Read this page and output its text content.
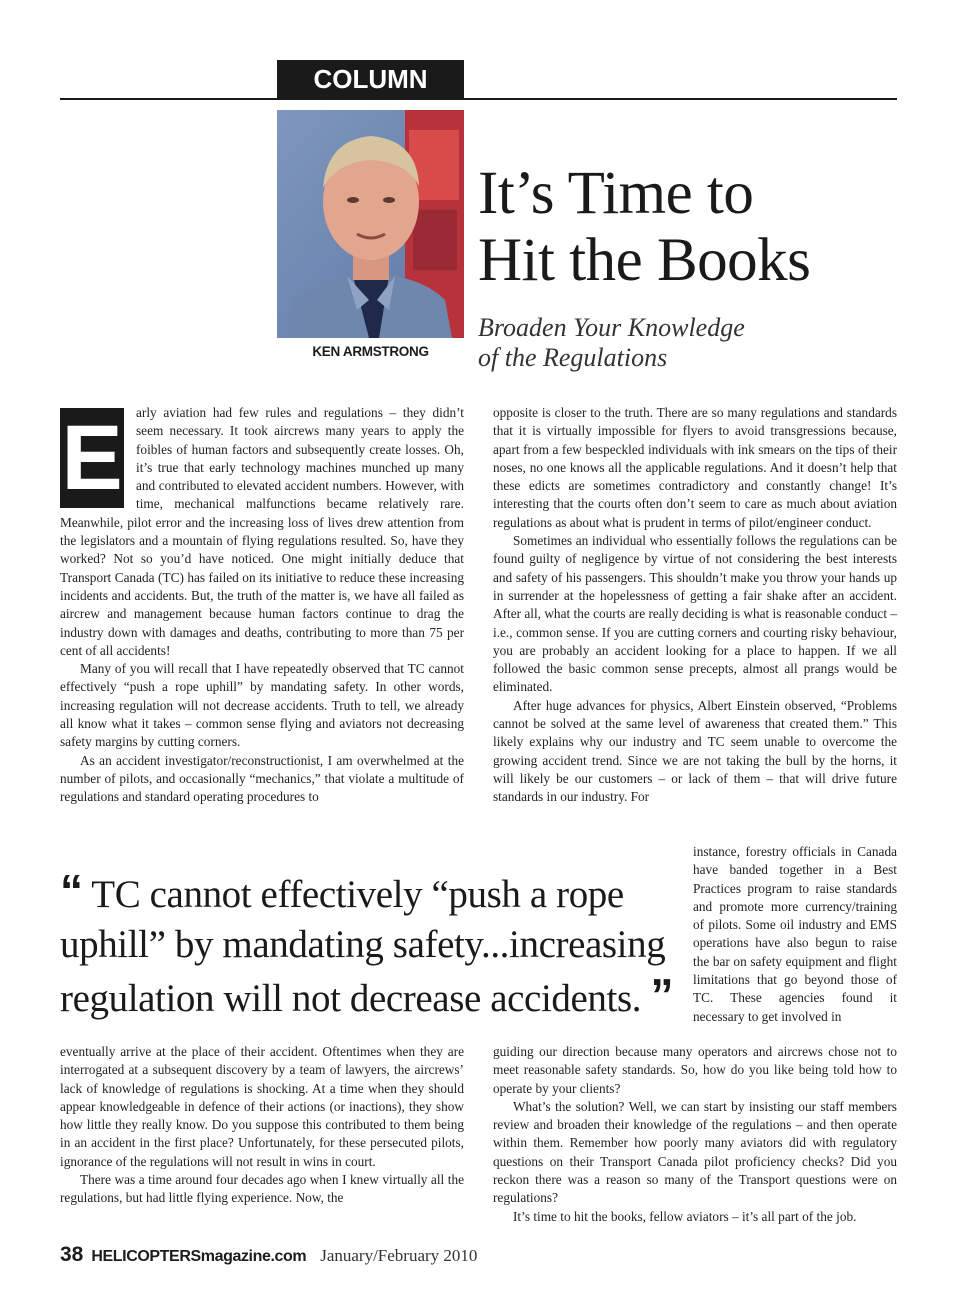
COLUMN
KEN ARMSTRONG
It’s Time to
Hit the Books
Broaden Your Knowledge
of the Regulations
E	arly aviation had few rules and regulations – they didn’t seem necessary. It took aircrews many years to apply the foibles of human factors and subsequently create losses. Oh, it’s true that early technology machines munched up many and contributed to elevated accident numbers. However, with time, mechanical malfunctions became relatively rare. Meanwhile, pilot error and the increasing loss of lives drew attention from the legislators and a mountain of flying regulations resulted. So, have they worked? Not so you’d have noticed. One might initially deduce that Transport Canada (TC) has failed on its initiative to reduce these increasing incidents and accidents. But, the truth of the matter is, we have all failed as aircrew and management because human factors continue to drag the industry down with damages and deaths, contributing to more than 75 per cent of all accidents!

Many of you will recall that I have repeatedly observed that TC cannot effectively “push a rope uphill” by mandating safety. In other words, increasing regulation will not decrease accidents. Truth to tell, we already all know what it takes – common sense flying and aviators not decreasing safety margins by cutting corners.

As an accident investigator/reconstructionist, I am overwhelmed at the number of pilots, and occasionally “mechanics,” that violate a multitude of regulations and standard operating procedures to

opposite is closer to the truth. There are so many regulations and standards that it is virtually impossible for flyers to avoid transgressions because, apart from a few bespeckled individuals with ink smears on the tips of their noses, no one knows all the applicable regulations. And it doesn’t help that these edicts are sometimes contradictory and constantly change! It’s interesting that the courts often don’t seem to care as much about aviation regulations as about what is prudent in terms of pilot/engineer conduct.

Sometimes an individual who essentially follows the regulations can be found guilty of negligence by virtue of not considering the best interests and safety of his passengers. This shouldn’t make you throw your hands up in surrender at the hopelessness of getting a fair shake after an accident. After all, what the courts are really deciding is what is reasonable conduct – i.e., common sense. If you are cutting corners and courting risky behaviour, you are probably an accident looking for a place to happen. If we all followed the basic common sense precepts, almost all prangs would be eliminated.

After huge advances for physics, Albert Einstein observed, “Problems cannot be solved at the same level of awareness that created them.” This likely explains why our industry and TC seem unable to overcome the growing accident trend. Since we are not taking the bull by the horns, it will likely be our customers – or lack of them – that will drive future standards in our industry. For

instance, forestry officials in Canada have banded together in a Best Practices program to raise standards and promote more currency/training of pilots. Some oil industry and EMS operations have also begun to raise the bar on safety equipment and flight limitations that go beyond those of TC. These agencies found it necessary to get involved in

“ TC cannot effectively “push a rope uphill” by mandating safety...increasing regulation will not decrease accidents. ”

eventually arrive at the place of their accident. Oftentimes when they are interrogated at a subsequent discovery by a team of lawyers, the aircrews’ lack of knowledge of regulations is shocking. At a time when they should appear knowledgeable in defence of their actions (or inactions), they show how little they really know. Do you suppose this contributed to them being in an accident in the first place? Unfortunately, for these persecuted pilots, ignorance of the regulations will not result in wins in court.

There was a time around four decades ago when I knew virtually all the regulations, but had little flying experience. Now, the

guiding our direction because many operators and aircrews chose not to meet reasonable safety standards. So, how do you like being told how to operate by your clients?

What’s the solution? Well, we can start by insisting our staff members review and broaden their knowledge of the regulations – and then operate within them. Remember how poorly many aviators did with regulatory questions on their Transport Canada pilot proficiency checks? Did you reckon there was a reason so many of the Transport questions were on regulations?

It’s time to hit the books, fellow aviators – it’s all part of the job.

38 HELICOPTERSmagazine.com January/February 2010
